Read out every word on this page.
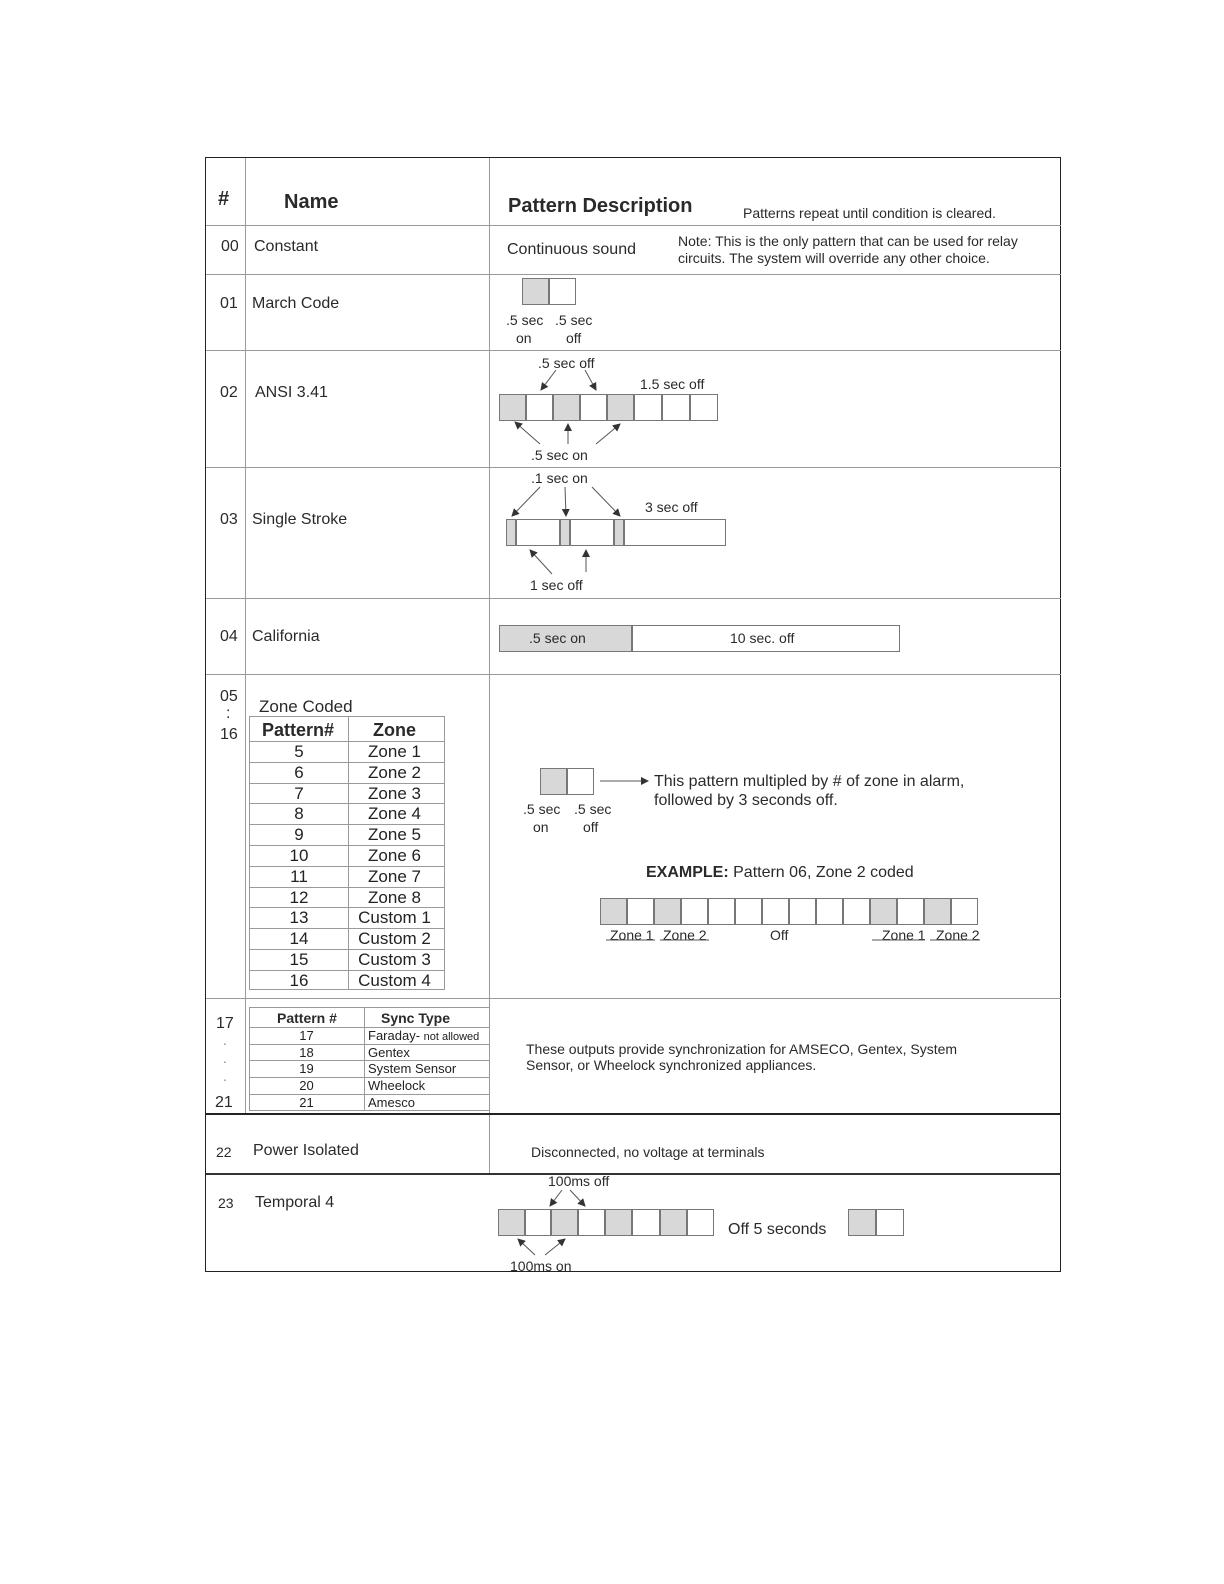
#	Name	Pattern Description	Patterns repeat until condition is cleared.
00 Constant	Continuous sound	Note: This is the only pattern that can be used for relay
circuits. The system will override any other choice.
01 March Code
.5 sec .5 sec
on off
02 ANSI 3.41
.5 sec off
1.5 sec off
.5 sec on
03 Single Stroke
.1 sec on
3 sec off
1 sec off
04 California	.5 sec on	10 sec. off
05
:
16
Zone Coded
Pattern# Zone
5	Zone 1
6	Zone 2
7	Zone 3
8	Zone 4
9	Zone 5
10	Zone 6
11	Zone 7
12	Zone 8
13	Custom 1
14	Custom 2
15	Custom 3
16	Custom 4
.5 sec .5 sec
on off
This pattern multipled by # of zone in alarm,
followed by 3 seconds off.
EXAMPLE: Pattern 06, Zone 2 coded
Zone 1 Zone 2	Off	Zone 1 Zone 2
17
.
.
.
21
Pattern #	Sync Type
17	Faraday- not allowed
18	Gentex
19	System Sensor
20	Wheelock
21	Amesco
These outputs provide synchronization for AMSECO, Gentex, System
Sensor, or Wheelock synchronized appliances.
22 Power Isolated	Disconnected, no voltage at terminals
23 Temporal 4
100ms off
100ms on
Off 5 seconds
